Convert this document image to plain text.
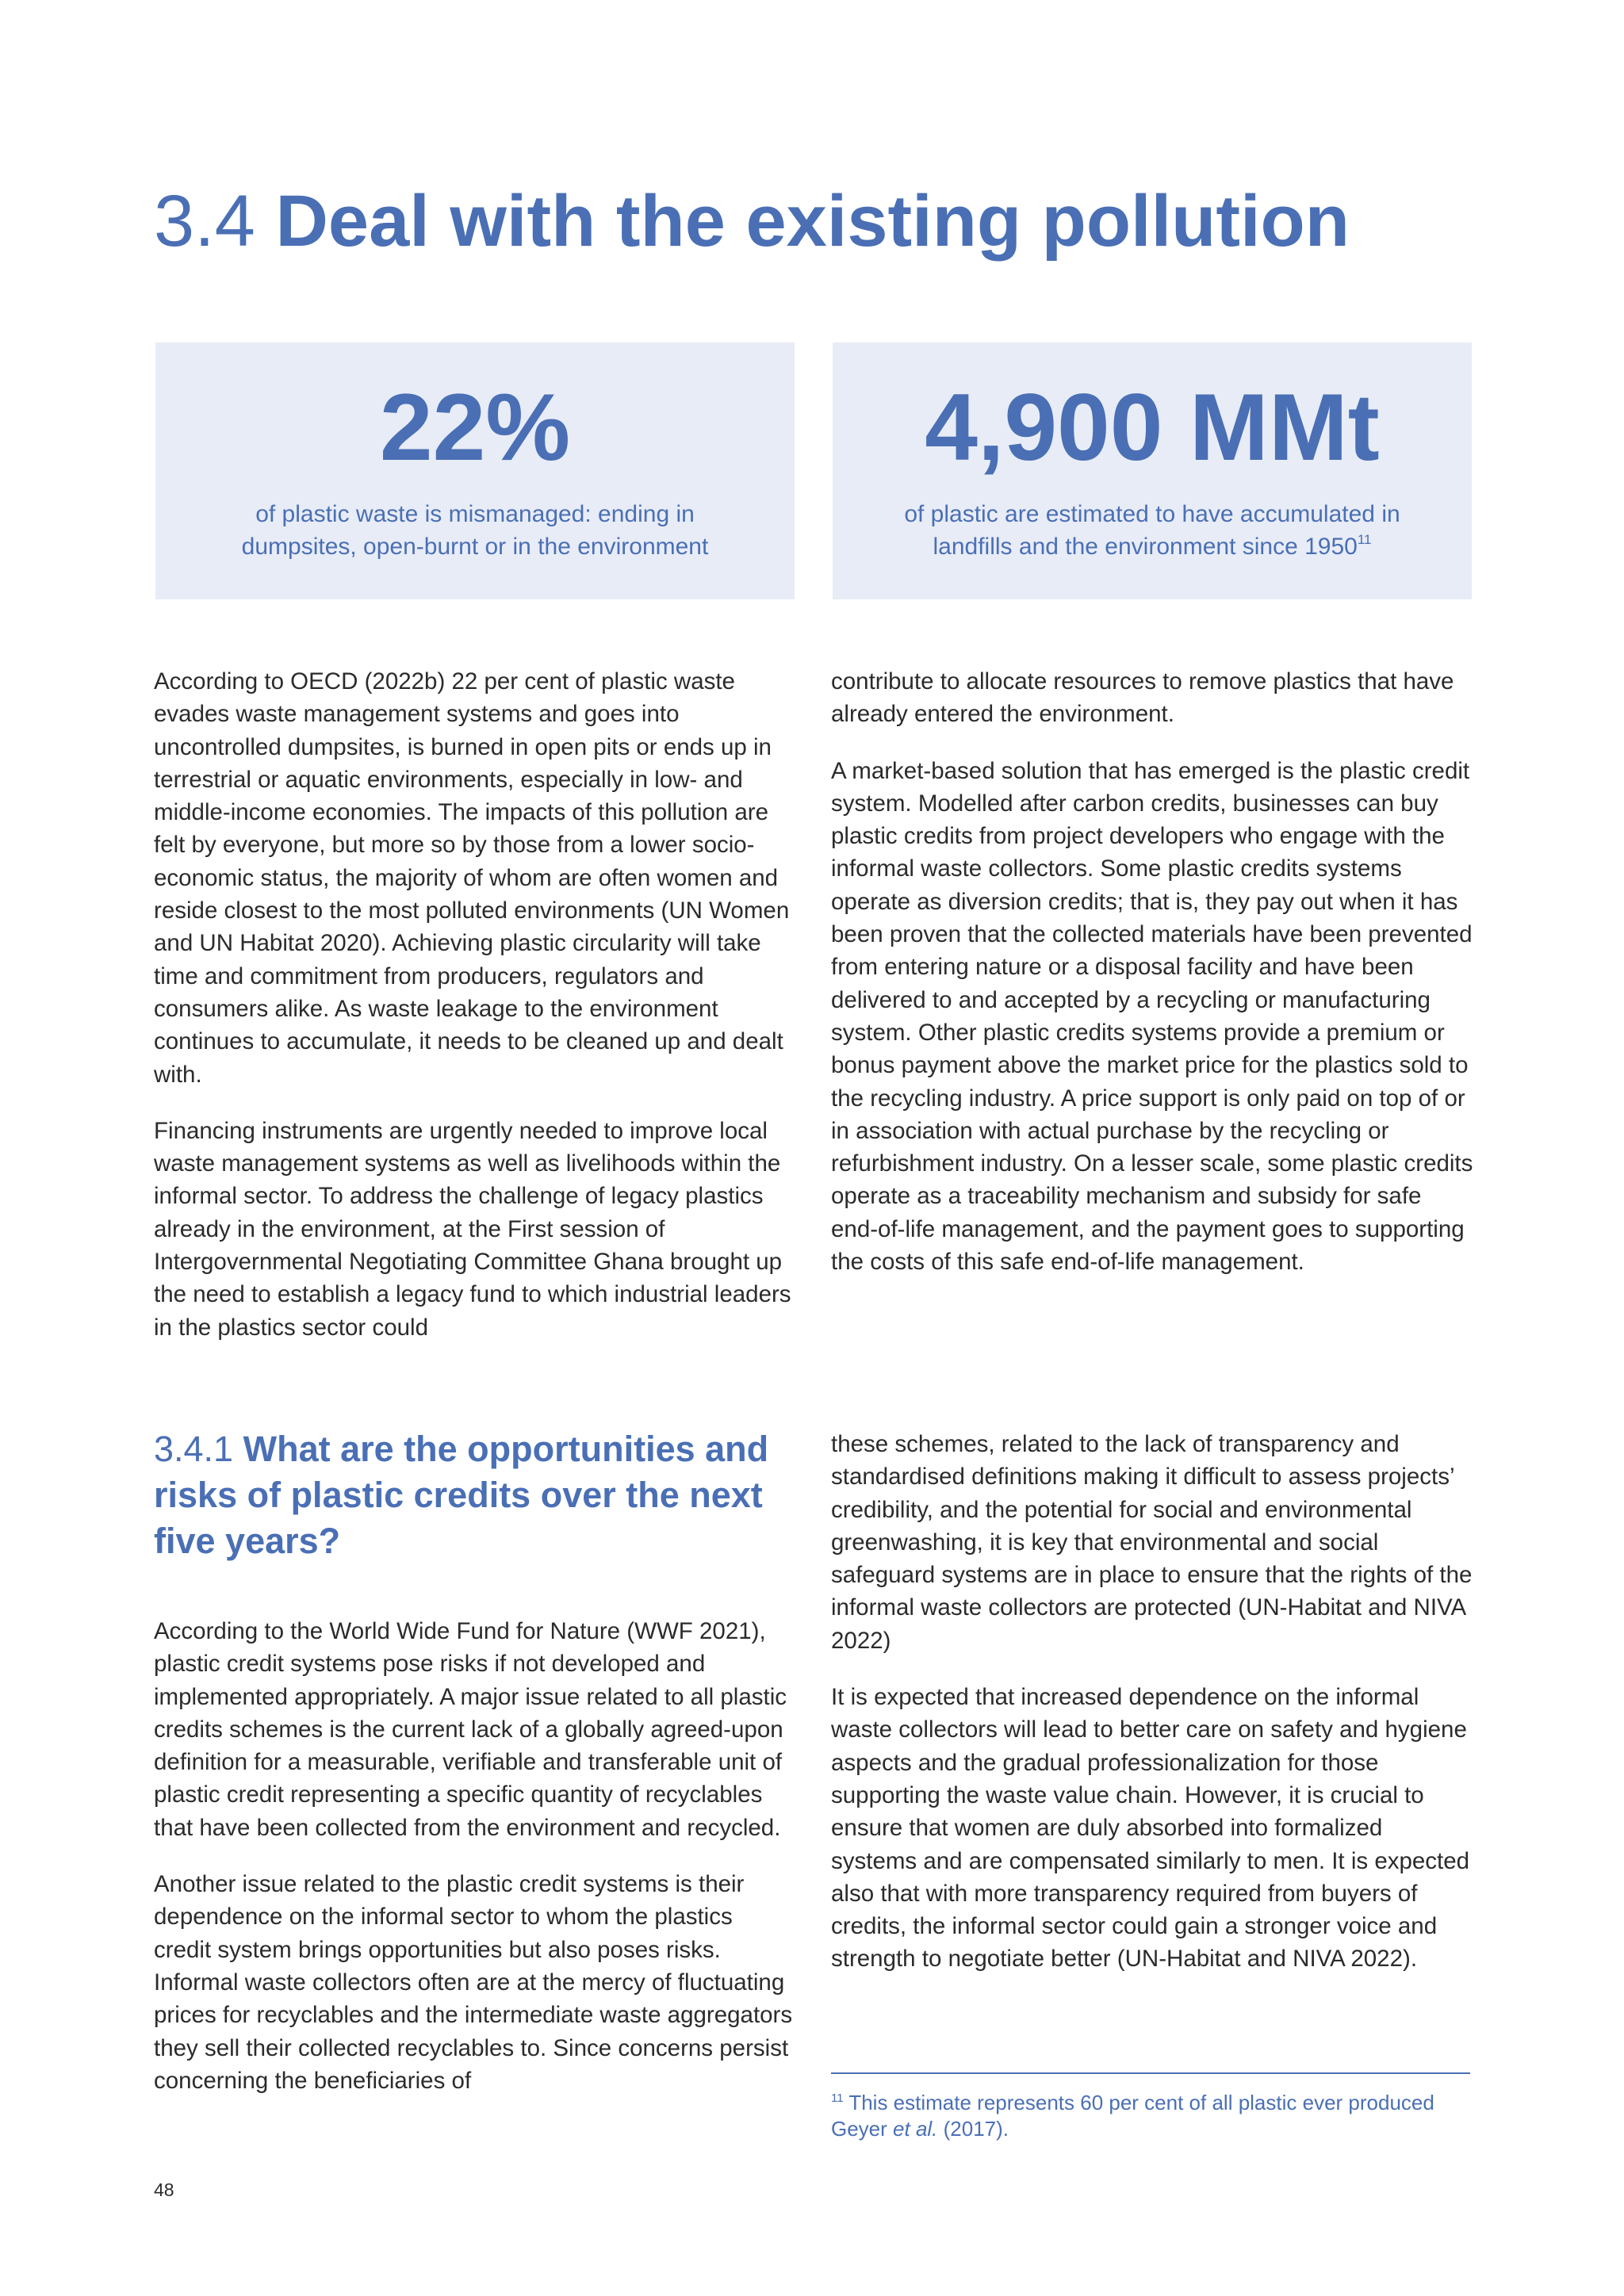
3.4 Deal with the existing pollution
22%
of plastic waste is mismanaged: ending in dumpsites, open-burnt or in the environment
4,900 MMt
of plastic are estimated to have accumulated in landfills and the environment since 1950$^{11}$

According to OECD (2022b) 22 per cent of plastic waste evades waste management systems and goes into uncontrolled dumpsites, is burned in open pits or ends up in terrestrial or aquatic environments, especially in low- and middle-income economies. The impacts of this pollution are felt by everyone, but more so by those from a lower socio-economic status, the majority of whom are often women and reside closest to the most polluted environments (UN Women and UN Habitat 2020). Achieving plastic circularity will take time and commitment from producers, regulators and consumers alike. As waste leakage to the environment continues to accumulate, it needs to be cleaned up and dealt with.

Financing instruments are urgently needed to improve local waste management systems as well as livelihoods within the informal sector. To address the challenge of legacy plastics already in the environment, at the First session of Intergovernmental Negotiating Committee Ghana brought up the need to establish a legacy fund to which industrial leaders in the plastics sector could

contribute to allocate resources to remove plastics that have already entered the environment.

A market-based solution that has emerged is the plastic credit system. Modelled after carbon credits, businesses can buy plastic credits from project developers who engage with the informal waste collectors. Some plastic credits systems operate as diversion credits; that is, they pay out when it has been proven that the collected materials have been prevented from entering nature or a disposal facility and have been delivered to and accepted by a recycling or manufacturing system. Other plastic credits systems provide a premium or bonus payment above the market price for the plastics sold to the recycling industry. A price support is only paid on top of or in association with actual purchase by the recycling or refurbishment industry. On a lesser scale, some plastic credits operate as a traceability mechanism and subsidy for safe end-of-life management, and the payment goes to supporting the costs of this safe end-of-life management.

3.4.1 What are the opportunities and risks of plastic credits over the next five years?

According to the World Wide Fund for Nature (WWF 2021), plastic credit systems pose risks if not developed and implemented appropriately. A major issue related to all plastic credits schemes is the current lack of a globally agreed-upon definition for a measurable, verifiable and transferable unit of plastic credit representing a specific quantity of recyclables that have been collected from the environment and recycled.

Another issue related to the plastic credit systems is their dependence on the informal sector to whom the plastics credit system brings opportunities but also poses risks. Informal waste collectors often are at the mercy of fluctuating prices for recyclables and the intermediate waste aggregators they sell their collected recyclables to. Since concerns persist concerning the beneficiaries of

these schemes, related to the lack of transparency and standardised definitions making it difficult to assess projects’ credibility, and the potential for social and environmental greenwashing, it is key that environmental and social safeguard systems are in place to ensure that the rights of the informal waste collectors are protected (UN-Habitat and NIVA 2022)

It is expected that increased dependence on the informal waste collectors will lead to better care on safety and hygiene aspects and the gradual professionalization for those supporting the waste value chain. However, it is crucial to ensure that women are duly absorbed into formalized systems and are compensated similarly to men. It is expected also that with more transparency required from buyers of credits, the informal sector could gain a stronger voice and strength to negotiate better (UN-Habitat and NIVA 2022).

$^{11}$ This estimate represents 60 per cent of all plastic ever produced Geyer et al. (2017).
48
